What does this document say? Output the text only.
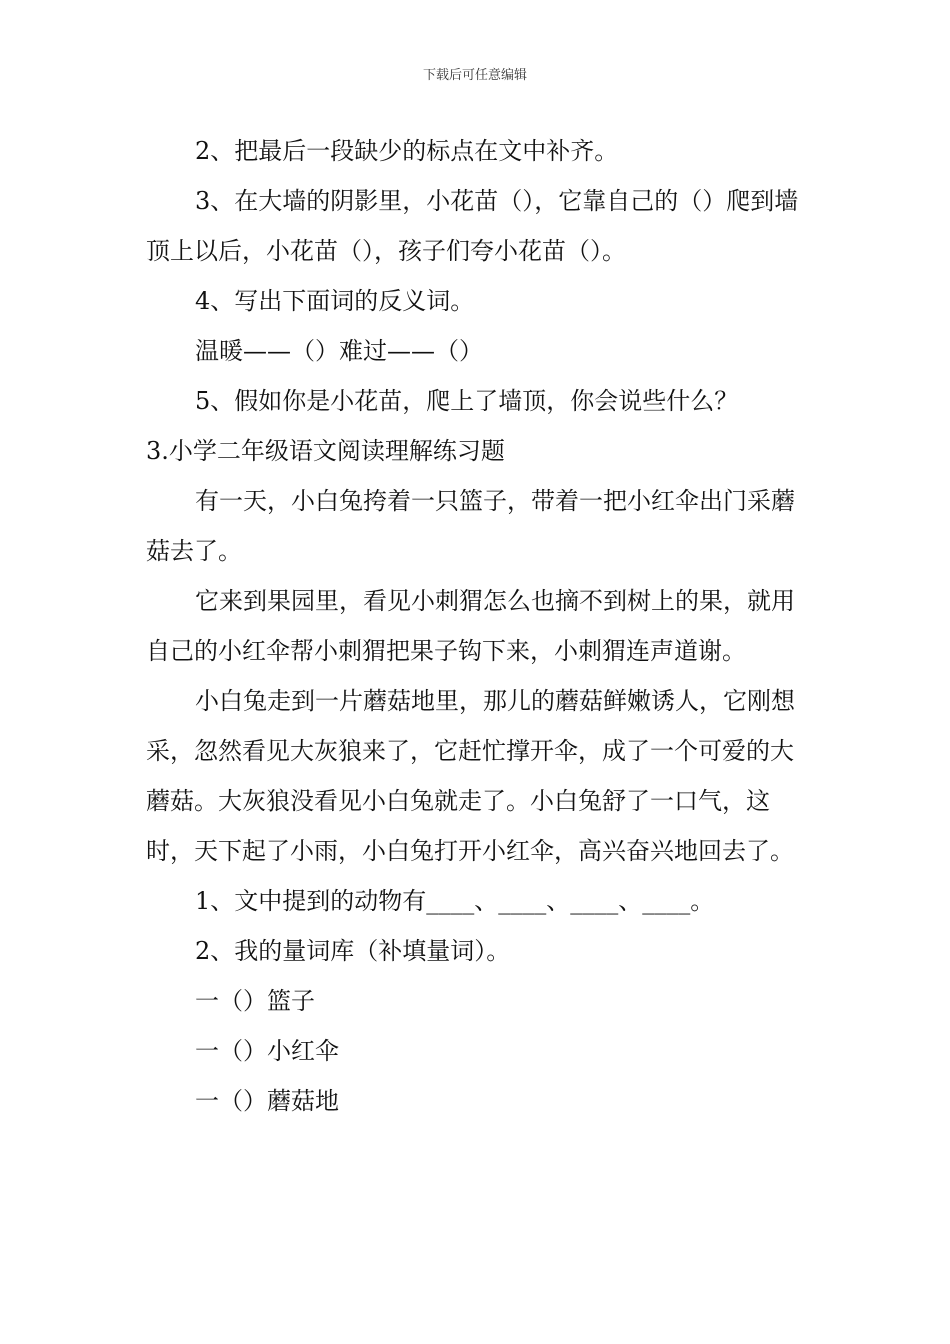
下载后可任意编辑

2、把最后一段缺少的标点在文中补齐。

3、在大墙的阴影里，小花苗（），它靠自己的（）爬到墙顶上以后，小花苗（），孩子们夸小花苗（）。

4、写出下面词的反义词。

温暖——（）难过——（）

5、假如你是小花苗，爬上了墙顶，你会说些什么？

3.小学二年级语文阅读理解练习题

有一天，小白兔挎着一只篮子，带着一把小红伞出门采蘑菇去了。

它来到果园里，看见小刺猬怎么也摘不到树上的果，就用自己的小红伞帮小刺猬把果子钩下来，小刺猬连声道谢。

小白兔走到一片蘑菇地里，那儿的蘑菇鲜嫩诱人，它刚想采，忽然看见大灰狼来了，它赶忙撑开伞，成了一个可爱的大蘑菇。大灰狼没看见小白兔就走了。小白兔舒了一口气，这时，天下起了小雨，小白兔打开小红伞，高兴奋兴地回去了。

1、文中提到的动物有____、____、____、____。

2、我的量词库（补填量词）。

一（）篮子

一（）小红伞

一（）蘑菇地
